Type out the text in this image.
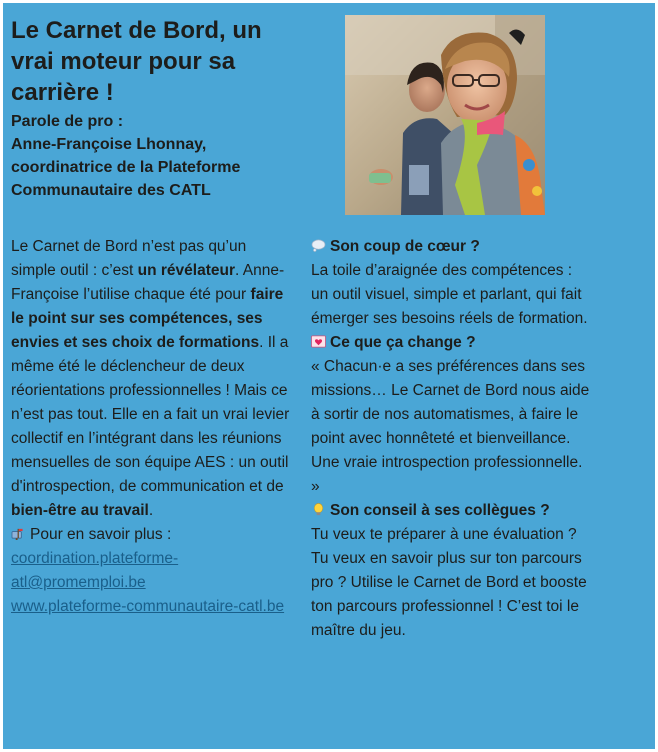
Le Carnet de Bord, un vrai moteur pour sa carrière !
Parole de pro :
Anne-Françoise Lhonnay, coordinatrice de la Plateforme Communautaire des CATL

Le Carnet de Bord n’est pas qu’un simple outil : c’est un révélateur. Anne-Françoise l’utilise chaque été pour faire le point sur ses compétences, ses envies et ses choix de formations. Il a même été le déclencheur de deux réorientations professionnelles ! Mais ce n’est pas tout. Elle en a fait un vrai levier collectif en l’intégrant dans les réunions mensuelles de son équipe AES : un outil d'introspection, de communication et de bien-être au travail.

Pour en savoir plus :
coordination.plateforme-atl@promemploi.be
www.plateforme-communautaire-catl.be
Son coup de cœur ?
La toile d’araignée des compétences : un outil visuel, simple et parlant, qui fait émerger ses besoins réels de formation.
Ce que ça change ?
« Chacun·e a ses préférences dans ses missions… Le Carnet de Bord nous aide à sortir de nos automatismes, à faire le point avec honnêteté et bienveillance. Une vraie introspection professionnelle. »
Son conseil à ses collègues ?
Tu veux te préparer à une évaluation ?Tu veux en savoir plus sur ton parcours pro ? Utilise le Carnet de Bord et booste ton parcours professionnel ! C’est toi le maître du jeu.
